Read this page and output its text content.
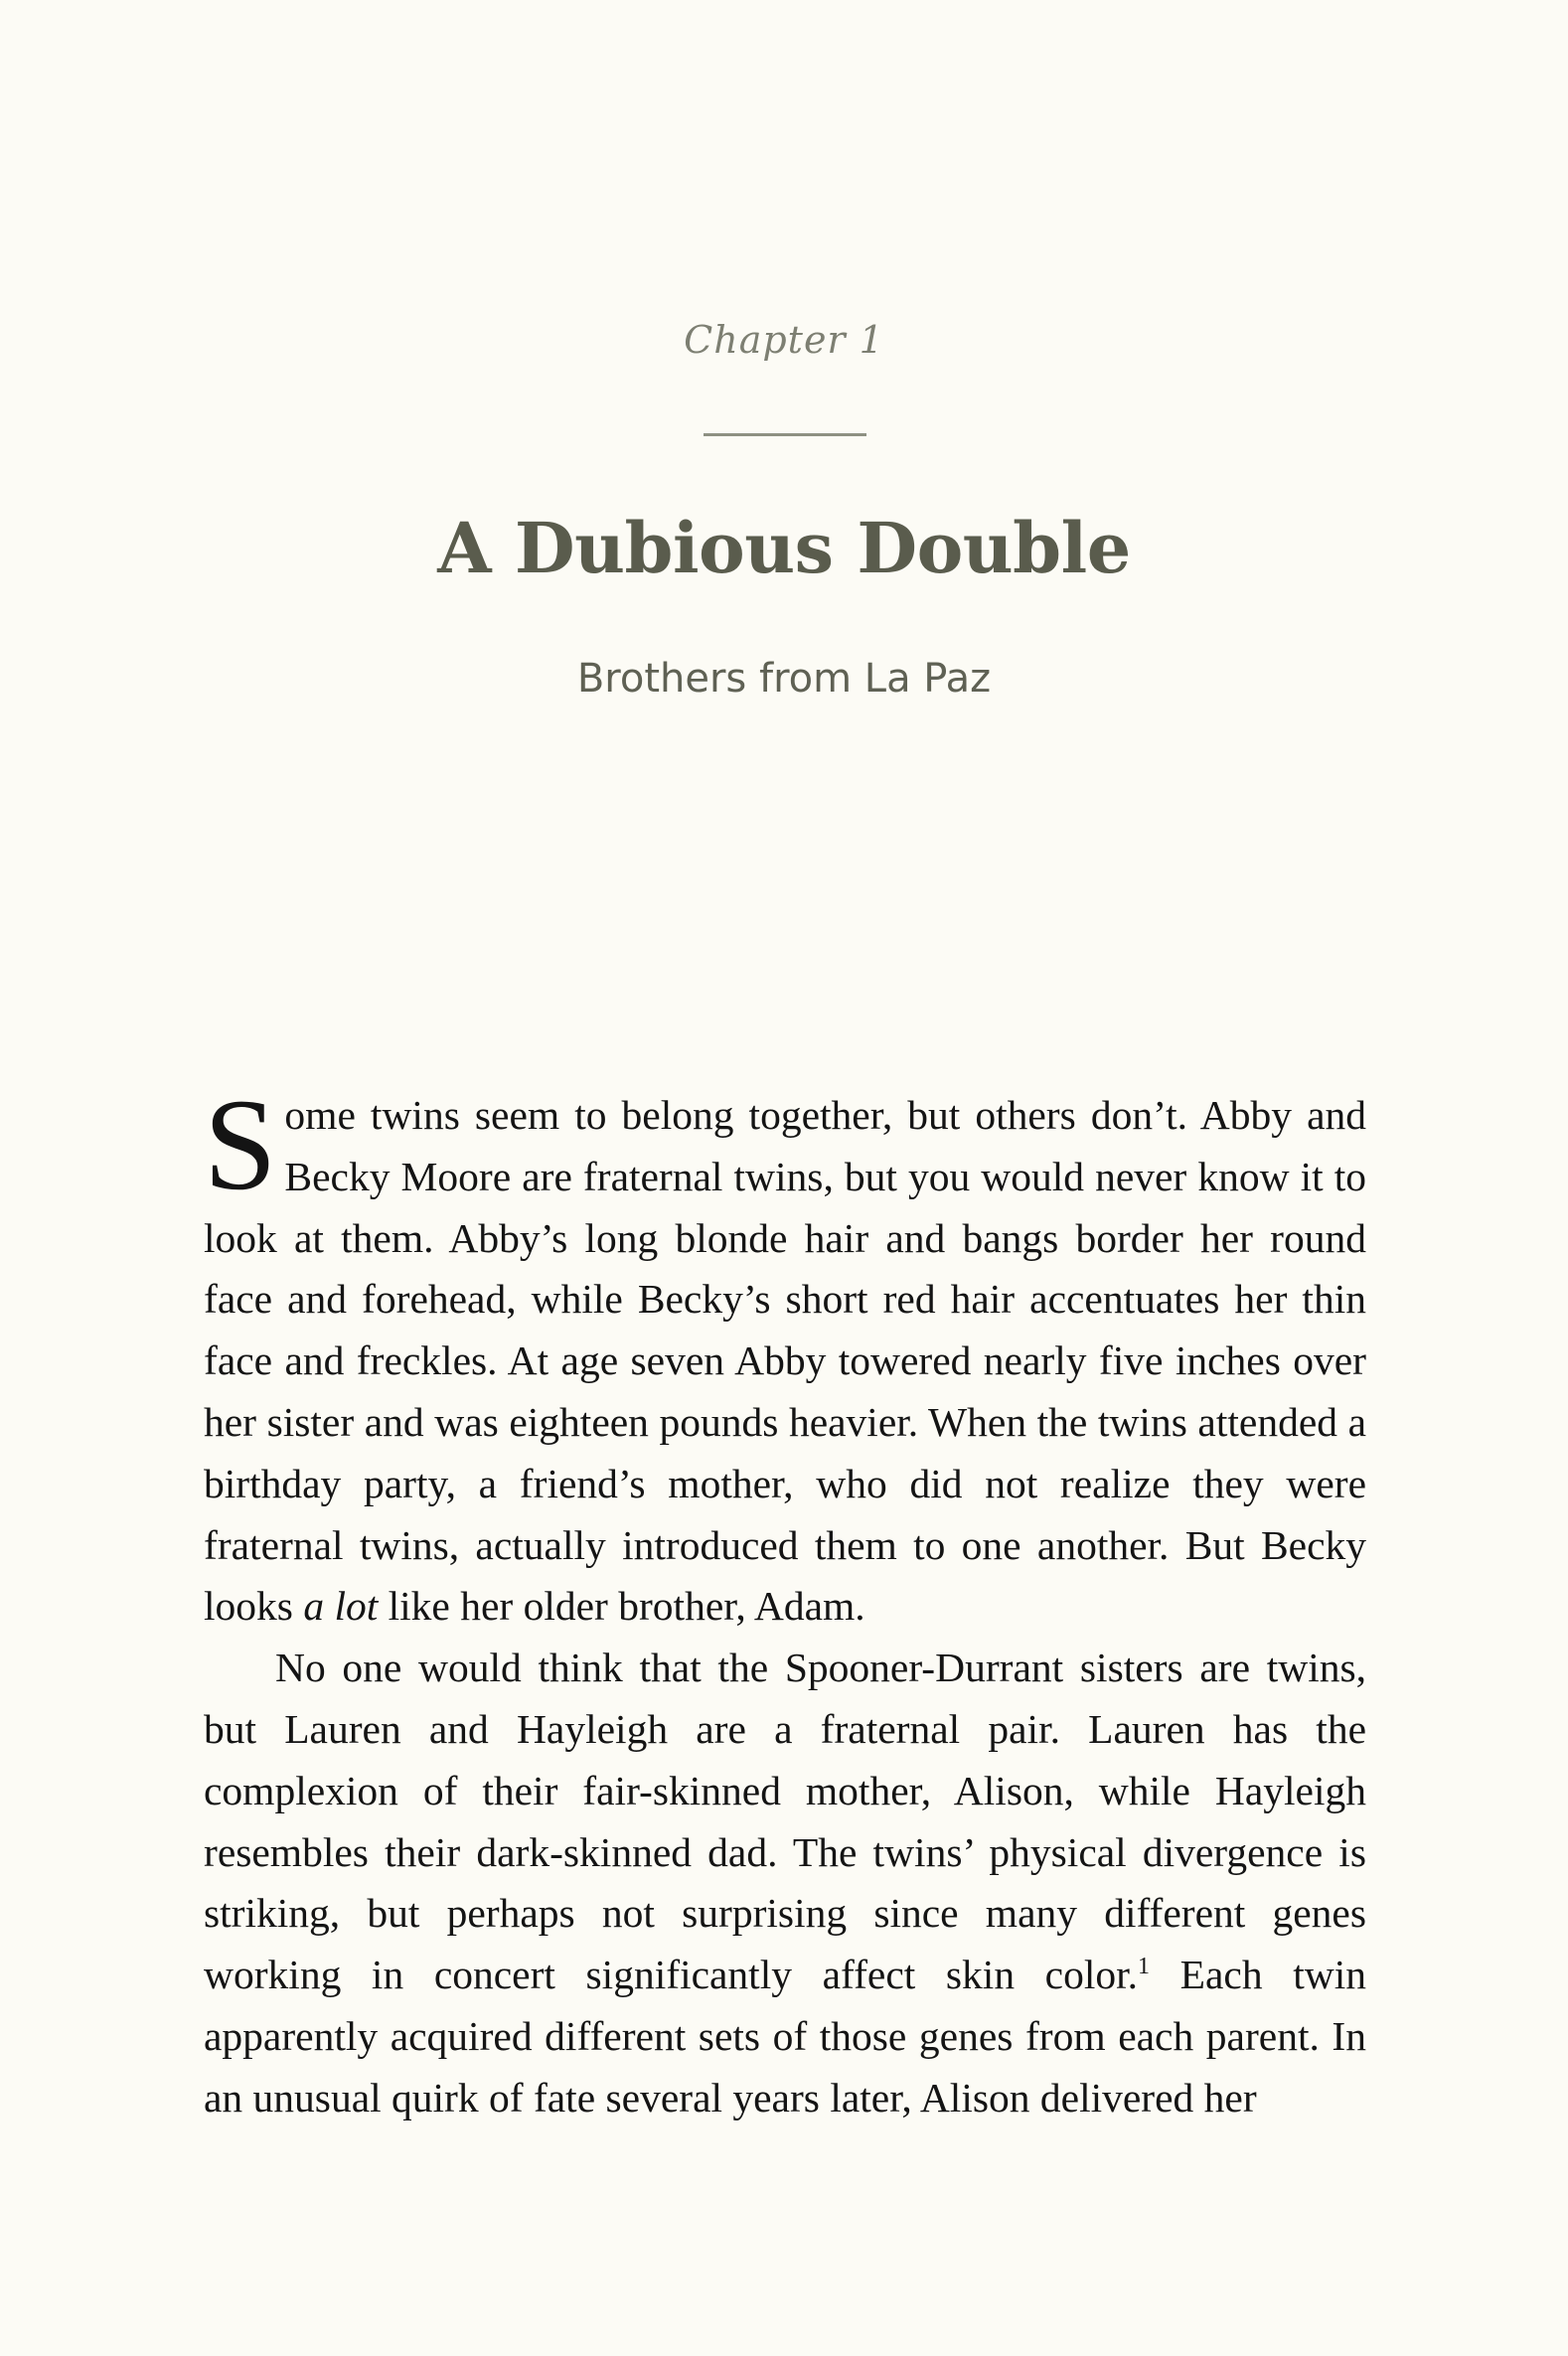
Chapter 1
A Dubious Double
Brothers from La Paz

Some twins seem to belong together, but others don’t. Abby and Becky Moore are fraternal twins, but you would never know it to look at them. Abby’s long blonde hair and bangs border her round face and forehead, while Becky’s short red hair accentuates her thin face and freckles. At age seven Abby towered nearly five inches over her sister and was eighteen pounds heavier. When the twins attended a birthday party, a friend’s mother, who did not realize they were fraternal twins, actually introduced them to one another. But Becky looks a lot like her older brother, Adam.

No one would think that the Spooner-Durrant sisters are twins, but Lauren and Hayleigh are a fraternal pair. Lauren has the complexion of their fair-skinned mother, Alison, while Hayleigh resembles their dark-skinned dad. The twins’ physical divergence is striking, but perhaps not surprising since many different genes working in concert significantly affect skin color.$^1$ Each twin apparently acquired different sets of those genes from each parent. In an unusual quirk of fate several years later, Alison delivered her
